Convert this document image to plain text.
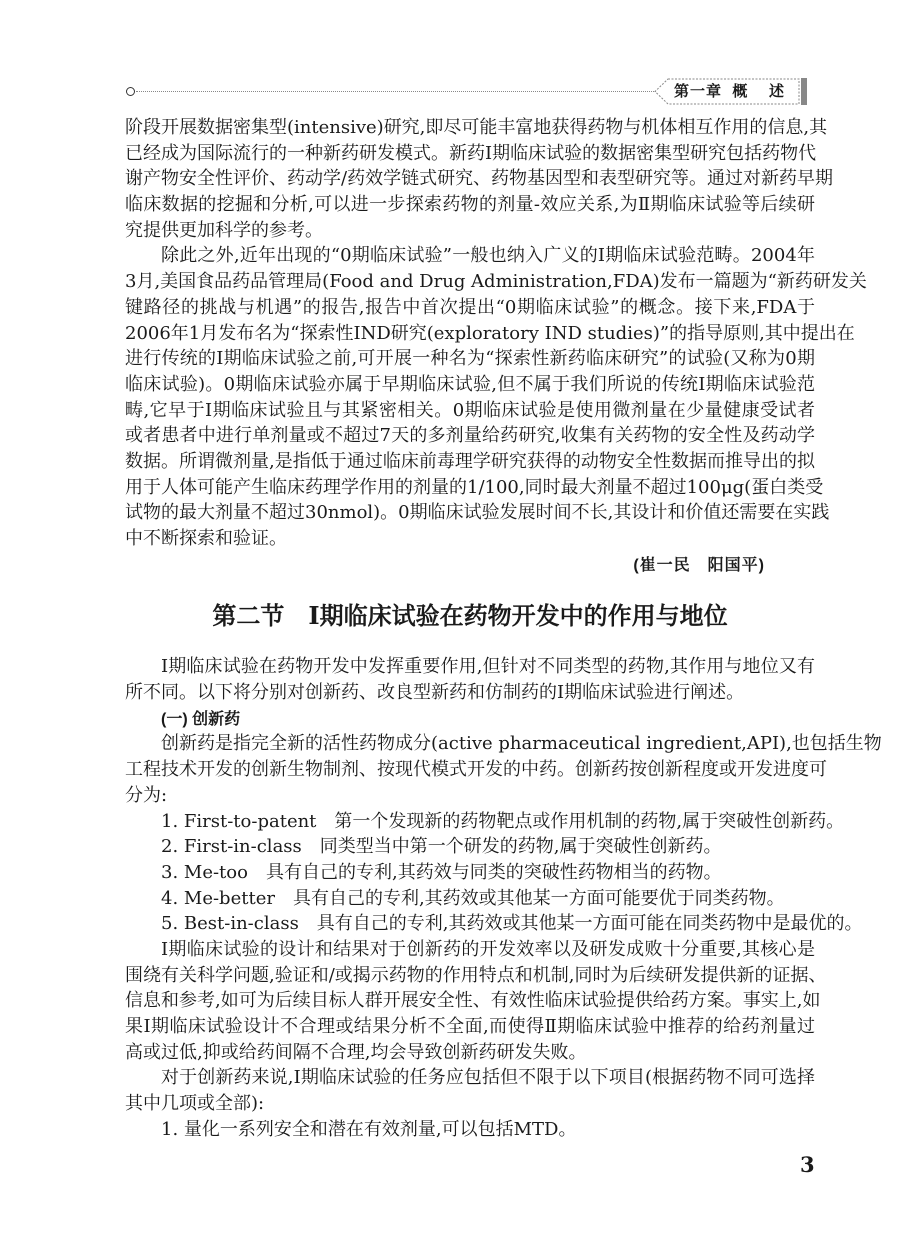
第一章  概    述
阶段开展数据密集型(intensive)研究,即尽可能丰富地获得药物与机体相互作用的信息,其
已经成为国际流行的一种新药研发模式。新药Ⅰ期临床试验的数据密集型研究包括药物代
谢产物安全性评价、药动学/药效学链式研究、药物基因型和表型研究等。通过对新药早期
临床数据的挖掘和分析,可以进一步探索药物的剂量-效应关系,为Ⅱ期临床试验等后续研
究提供更加科学的参考。
除此之外,近年出现的“0期临床试验”一般也纳入广义的Ⅰ期临床试验范畴。2004年
3月,美国食品药品管理局(Food and Drug Administration,FDA)发布一篇题为“新药研发关
键路径的挑战与机遇”的报告,报告中首次提出“0期临床试验”的概念。接下来,FDA于
2006年1月发布名为“探索性IND研究(exploratory IND studies)”的指导原则,其中提出在
进行传统的Ⅰ期临床试验之前,可开展一种名为“探索性新药临床研究”的试验(又称为0期
临床试验)。0期临床试验亦属于早期临床试验,但不属于我们所说的传统Ⅰ期临床试验范
畴,它早于Ⅰ期临床试验且与其紧密相关。0期临床试验是使用微剂量在少量健康受试者
或者患者中进行单剂量或不超过7天的多剂量给药研究,收集有关药物的安全性及药动学
数据。所谓微剂量,是指低于通过临床前毒理学研究获得的动物安全性数据而推导出的拟
用于人体可能产生临床药理学作用的剂量的1/100,同时最大剂量不超过100μg(蛋白类受
试物的最大剂量不超过30nmol)。0期临床试验发展时间不长,其设计和价值还需要在实践
中不断探索和验证。
(崔一民　阳国平)
第二节　Ⅰ期临床试验在药物开发中的作用与地位
Ⅰ期临床试验在药物开发中发挥重要作用,但针对不同类型的药物,其作用与地位又有
所不同。以下将分别对创新药、改良型新药和仿制药的Ⅰ期临床试验进行阐述。
(一) 创新药
创新药是指完全新的活性药物成分(active pharmaceutical ingredient,API),也包括生物
工程技术开发的创新生物制剂、按现代模式开发的中药。创新药按创新程度或开发进度可
分为:
1. First-to-patent　第一个发现新的药物靶点或作用机制的药物,属于突破性创新药。
2. First-in-class　同类型当中第一个研发的药物,属于突破性创新药。
3. Me-too　具有自己的专利,其药效与同类的突破性药物相当的药物。
4. Me-better　具有自己的专利,其药效或其他某一方面可能要优于同类药物。
5. Best-in-class　具有自己的专利,其药效或其他某一方面可能在同类药物中是最优的。
Ⅰ期临床试验的设计和结果对于创新药的开发效率以及研发成败十分重要,其核心是
围绕有关科学问题,验证和/或揭示药物的作用特点和机制,同时为后续研发提供新的证据、
信息和参考,如可为后续目标人群开展安全性、有效性临床试验提供给药方案。事实上,如
果Ⅰ期临床试验设计不合理或结果分析不全面,而使得Ⅱ期临床试验中推荐的给药剂量过
高或过低,抑或给药间隔不合理,均会导致创新药研发失败。
对于创新药来说,Ⅰ期临床试验的任务应包括但不限于以下项目(根据药物不同可选择
其中几项或全部):
1. 量化一系列安全和潜在有效剂量,可以包括MTD。
3
